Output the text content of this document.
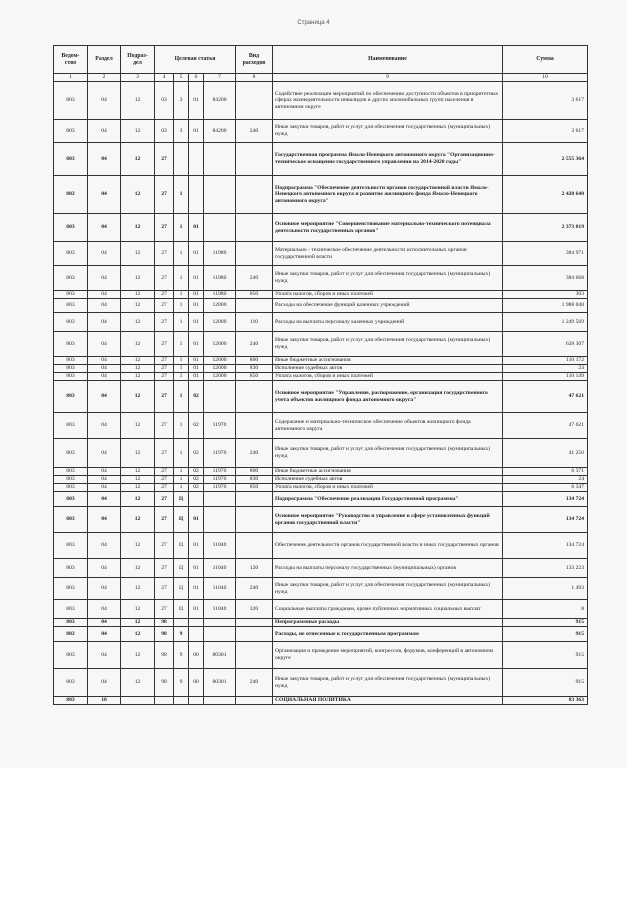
Страница 4
Ведом-ство	Раздел	Подраз-дел	Целевая статья				Вид расходов	Наименование	Сумма
1	2	3	4	5	6	7	8	9	10
803	04	12	03	3	01	84200		Содействие реализации мероприятий по обеспечению доступности объектов в приоритетных сферах жизнедеятельности инвалидов и других маломобильных групп населения в автономном округе	3 617
803	04	12	03	3	01	84200	240	Иные закупки товаров, работ и услуг для обеспечения государственных (муниципальных) нужд	3 617
803	04	12	27					Государственная программа Ямало-Ненецкого автономного округа "Организационно-техническое оснащение государственного управления на 2014-2020 годы"	2 555 364
803	04	12	27	1				Подпрограмма "Обеспечение деятельности органов государственной власти Ямало-Ненецкого автономного округа и развитие жилищного фонда Ямало-Ненецкого автономного округа"	2 420 640
803	04	12	27	1	01			Основное мероприятие "Совершенствование материально-технического потенциала деятельности государственных органов"	2 373 019
803	04	12	27	1	01	11980		Материально - техническое обеспечение деятельности исполнительных органов государственной власти	384 971
803	04	12	27	1	01	11980	240	Иные закупки товаров, работ и услуг для обеспечения государственных (муниципальных) нужд	384 668
803	04	12	27	1	01	11980	850	Уплата налогов, сборов и иных платежей	303
803	04	12	27	1	01	12000		Расходы на обеспечение функций казенных учреждений	1 988 048
803	04	12	27	1	01	12000	110	Расходы на выплаты персоналу казенных учреждений	1 249 569
803	04	12	27	1	01	12000	240	Иные закупки товаров, работ и услуг для обеспечения государственных (муниципальных) нужд	628 307
803	04	12	27	1	01	12000	800	Иные бюджетные ассигнования	110 172
803	04	12	27	1	01	12000	830	Исполнение судебных актов	23
803	04	12	27	1	01	12000	850	Уплата налогов, сборов и иных платежей	110 149
803	04	12	27	1	02			Основное мероприятие "Управление, распоряжение, организация государственного учета объектов жилищного фонда автономного округа"	47 621
803	04	12	27	1	02	11970		Содержание и материально-техническое обеспечение объектов жилищного фонда автономного округа	47 621
803	04	12	27	1	02	11970	240	Иные закупки товаров, работ и услуг для обеспечения государственных (муниципальных) нужд	41 250
803	04	12	27	1	02	11970	800	Иные бюджетные ассигнования	6 371
803	04	12	27	1	02	11970	830	Исполнение судебных актов	24
803	04	12	27	1	02	11970	850	Уплата налогов, сборов и иных платежей	6 347
803	04	12	27	Ц				Подпрограмма "Обеспечение реализации Государственной программы"	134 724
803	04	12	27	Ц	01			Основное мероприятие "Руководство и управление в сфере установленных функций органов государственной власти"	134 724
803	04	12	27	Ц	01	11040		Обеспечение деятельности органов государственной власти и иных государственных органов	134 724
803	04	12	27	Ц	01	11040	120	Расходы на выплаты персоналу государственных (муниципальных) органов	133 223
803	04	12	27	Ц	01	11040	240	Иные закупки товаров, работ и услуг для обеспечения государственных (муниципальных) нужд	1 493
803	04	12	27	Ц	01	11040	320	Социальные выплаты гражданам, кроме публичных нормативных социальных выплат	8
803	04	12	98					Непрограммные расходы	915
803	04	12	98	9				Расходы, не отнесенные к государственным программам	915
803	04	12	98	9	00	80301		Организация и проведение мероприятий, конгрессов, форумов, конференций в автономном округе	915
803	04	12	98	9	00	80301	240	Иные закупки товаров, работ и услуг для обеспечения государственных (муниципальных) нужд	915
803	10							СОЦИАЛЬНАЯ ПОЛИТИКА	83 363
